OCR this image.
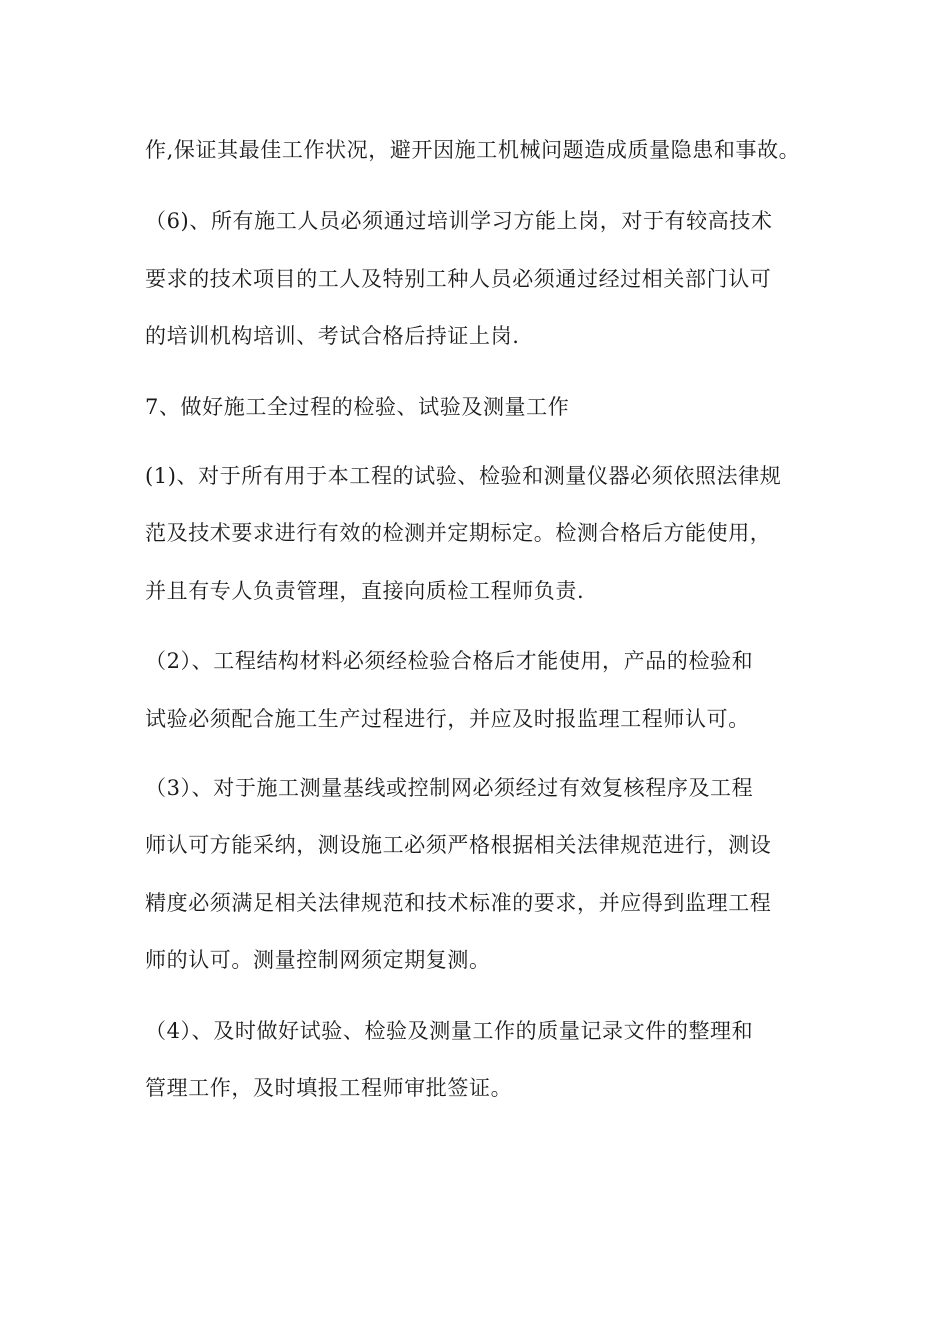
作,保证其最佳工作状况，避开因施工机械问题造成质量隐患和事故。
（6)、所有施工人员必须通过培训学习方能上岗，对于有较高技术
要求的技术项目的工人及特别工种人员必须通过经过相关部门认可
的培训机构培训、考试合格后持证上岗.
7、做好施工全过程的检验、试验及测量工作
(1)、对于所有用于本工程的试验、检验和测量仪器必须依照法律规
范及技术要求进行有效的检测并定期标定。检测合格后方能使用，
并且有专人负责管理，直接向质检工程师负责.
（2）、工程结构材料必须经检验合格后才能使用，产品的检验和
试验必须配合施工生产过程进行，并应及时报监理工程师认可。
（3）、对于施工测量基线或控制网必须经过有效复核程序及工程
师认可方能采纳，测设施工必须严格根据相关法律规范进行，测设
精度必须满足相关法律规范和技术标准的要求，并应得到监理工程
师的认可。测量控制网须定期复测。
（4）、及时做好试验、检验及测量工作的质量记录文件的整理和
管理工作，及时填报工程师审批签证。
